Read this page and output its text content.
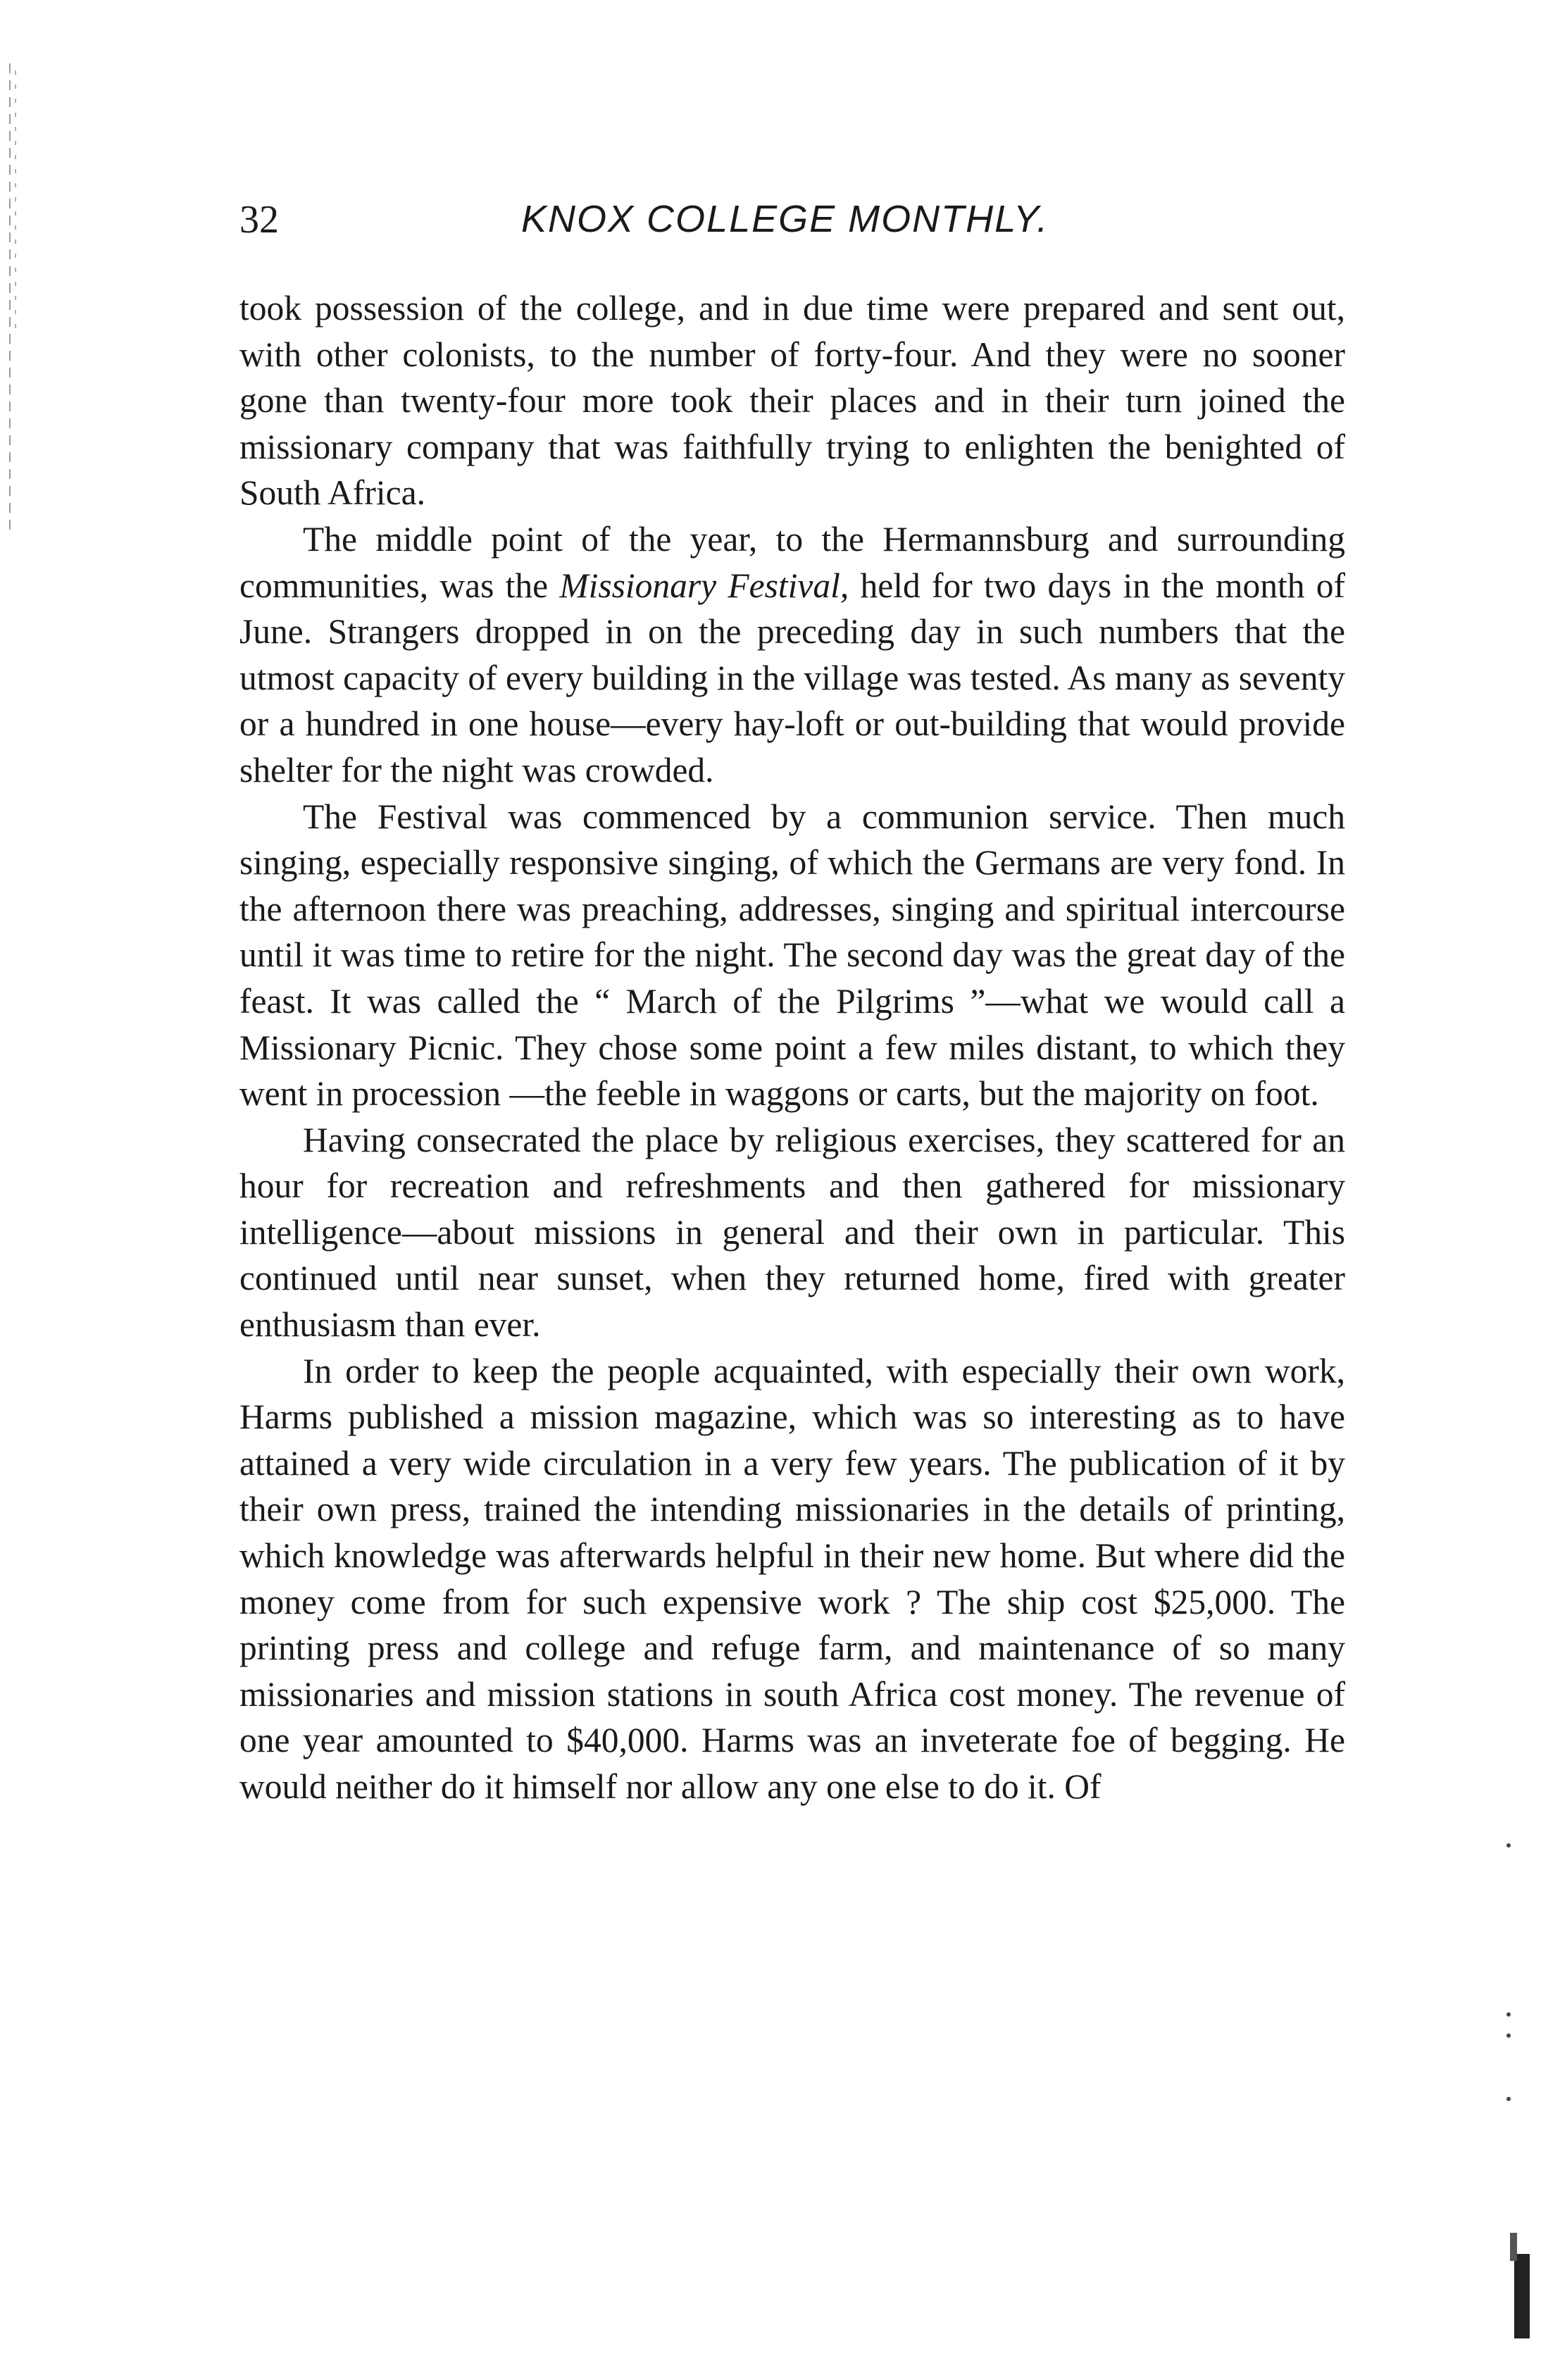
32	KNOX COLLEGE MONTHLY.

took possession of the college, and in due time were prepared and sent out, with other colonists, to the number of forty-four. And they were no sooner gone than twenty-four more took their places and in their turn joined the missionary company that was faithfully trying to enlighten the benighted of South Africa.

The middle point of the year, to the Hermannsburg and surrounding communities, was the Missionary Festival, held for two days in the month of June. Strangers dropped in on the preceding day in such numbers that the utmost capacity of every building in the village was tested. As many as seventy or a hundred in one house—every hay-loft or out-building that would provide shelter for the night was crowded.

The Festival was commenced by a communion service. Then much singing, especially responsive singing, of which the Germans are very fond. In the afternoon there was preaching, addresses, singing and spiritual intercourse until it was time to retire for the night. The second day was the great day of the feast. It was called the “ March of the Pilgrims ”—what we would call a Missionary Picnic. They chose some point a few miles distant, to which they went in procession —the feeble in waggons or carts, but the majority on foot.

Having consecrated the place by religious exercises, they scattered for an hour for recreation and refreshments and then gathered for missionary intelligence—about missions in general and their own in particular. This continued until near sunset, when they returned home, fired with greater enthusiasm than ever.

In order to keep the people acquainted, with especially their own work, Harms published a mission magazine, which was so interesting as to have attained a very wide circulation in a very few years. The publication of it by their own press, trained the intending missionaries in the details of printing, which knowledge was afterwards helpful in their new home. But where did the money come from for such expensive work ? The ship cost $25,000. The printing press and college and refuge farm, and maintenance of so many missionaries and mission stations in south Africa cost money. The revenue of one year amounted to $40,000. Harms was an inveterate foe of begging. He would neither do it himself nor allow any one else to do it. Of
